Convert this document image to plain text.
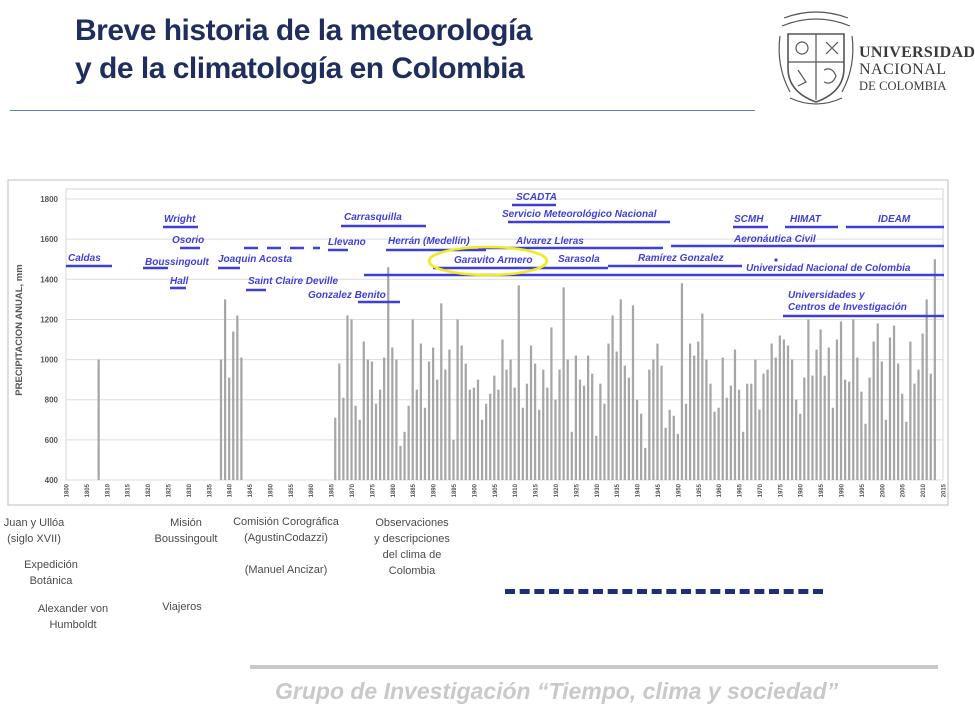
Breve historia de la meteorología
y de la climatología en Colombia	UNIVERSIDAD
NACIONAL
DE COLOMBIA
400
600
800
1000
1200
1400
1600
1800
1800 1805 1810 1815 1820 1825 1830 1835 1840 1845 1850 1855 1860 1865 1870 1875 1880 1885 1890 1895 1900 1905 1910 1915 1920 1925 1930 1935 1940 1945 1950 1955 1960 1965 1970 1975 1980 1985 1990 1995 2000 2005 2010 2015
PRECIPITACION ANUAL, mm
Caldas
Wright
Osorio
Boussingoult
Hall
Joaquin Acosta
Saint Claire Deville
Carrasquilla
Llevano
Gonzalez Benito
Herrán (Medellín)
Garavito Armero
SCADTA
Servicio Meteorológico Nacional
Alvarez Lleras
Sarasola	Ramírez Gonzalez
SCMH	HIMAT	IDEAM
Aeronáutica Civil
Universidad Nacional de Colombia
Universidades y
Centros de Investigación
Juan y Ullóa
(siglo XVII)
Expedición
Botánica
Alexander von
Humboldt
Misión
Boussingoult
Viajeros
Comisión Corográfica
(AgustinCodazzi)
(Manuel Ancizar)
Observaciones
y descripciones
del clima de
Colombia
Grupo de Investigación “Tiempo, clima y sociedad”
